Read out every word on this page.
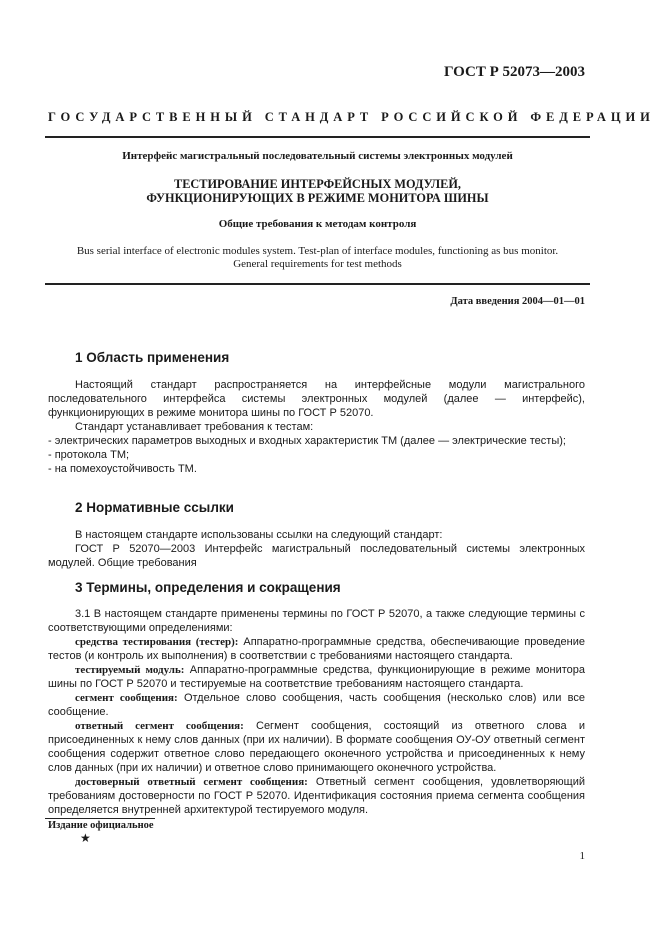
ГОСТ Р 52073—2003
ГОСУДАРСТВЕННЫЙ СТАНДАРТ РОССИЙСКОЙ ФЕДЕРАЦИИ
Интерфейс магистральный последовательный системы электронных модулей
ТЕСТИРОВАНИЕ ИНТЕРФЕЙСНЫХ МОДУЛЕЙ,
ФУНКЦИОНИРУЮЩИХ В РЕЖИМЕ МОНИТОРА ШИНЫ
Общие требования к методам контроля
Bus serial interface of electronic modules system. Test-plan of interface modules, functioning as bus monitor.
General requirements for test methods
Дата введения 2004—01—01
1 Область применения

Настоящий стандарт распространяется на интерфейсные модули магистрального последовательного интерфейса системы электронных модулей (далее — интерфейс), функционирующих в режиме монитора шины по ГОСТ Р 52070.

Стандарт устанавливает требования к тестам:

- электрических параметров выходных и входных характеристик ТМ (далее — электрические тесты);

- протокола ТМ;

- на помехоустойчивость ТМ.

2 Нормативные ссылки

В настоящем стандарте использованы ссылки на следующий стандарт:

ГОСТ Р 52070—2003 Интерфейс магистральный последовательный системы электронных модулей. Общие требования

3 Термины, определения и сокращения

3.1 В настоящем стандарте применены термины по ГОСТ Р 52070, а также следующие термины с соответствующими определениями:

средства тестирования (тестер): Аппаратно-программные средства, обеспечивающие проведение тестов (и контроль их выполнения) в соответствии с требованиями настоящего стандарта.

тестируемый модуль: Аппаратно-программные средства, функционирующие в режиме монитора шины по ГОСТ Р 52070 и тестируемые на соответствие требованиям настоящего стандарта.

сегмент сообщения: Отдельное слово сообщения, часть сообщения (несколько слов) или все сообщение.

ответный сегмент сообщения: Сегмент сообщения, состоящий из ответного слова и присоединенных к нему слов данных (при их наличии). В формате сообщения ОУ-ОУ ответный сегмент сообщения содержит ответное слово передающего оконечного устройства и присоединенных к нему слов данных (при их наличии) и ответное слово принимающего оконечного устройства.

достоверный ответный сегмент сообщения: Ответный сегмент сообщения, удовлетворяющий требованиям достоверности по ГОСТ Р 52070. Идентификация состояния приема сегмента сообщения определяется внутренней архитектурой тестируемого модуля.

Издание официальное
★
1
